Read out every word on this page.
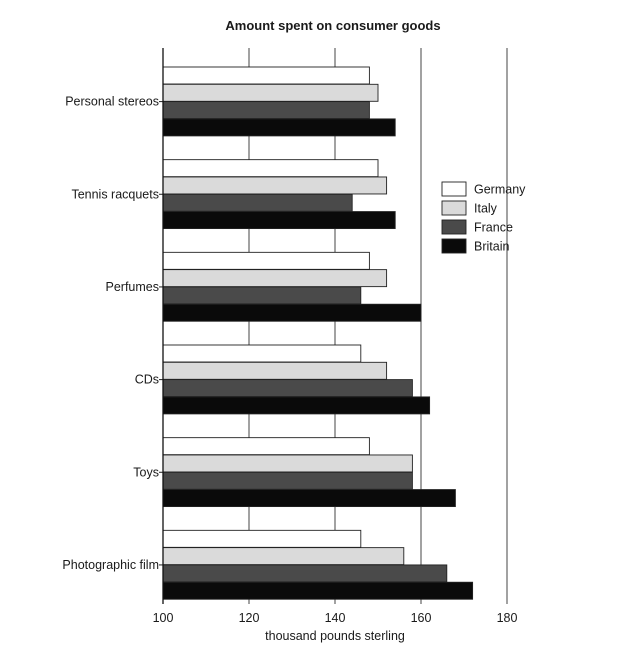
Amount spent on consumer goods
Personal stereos
Tennis racquets
Perfumes
CDs
Toys
Photographic film
100	120	140	160	180
thousand pounds sterling
Germany
Italy
France
Britain
